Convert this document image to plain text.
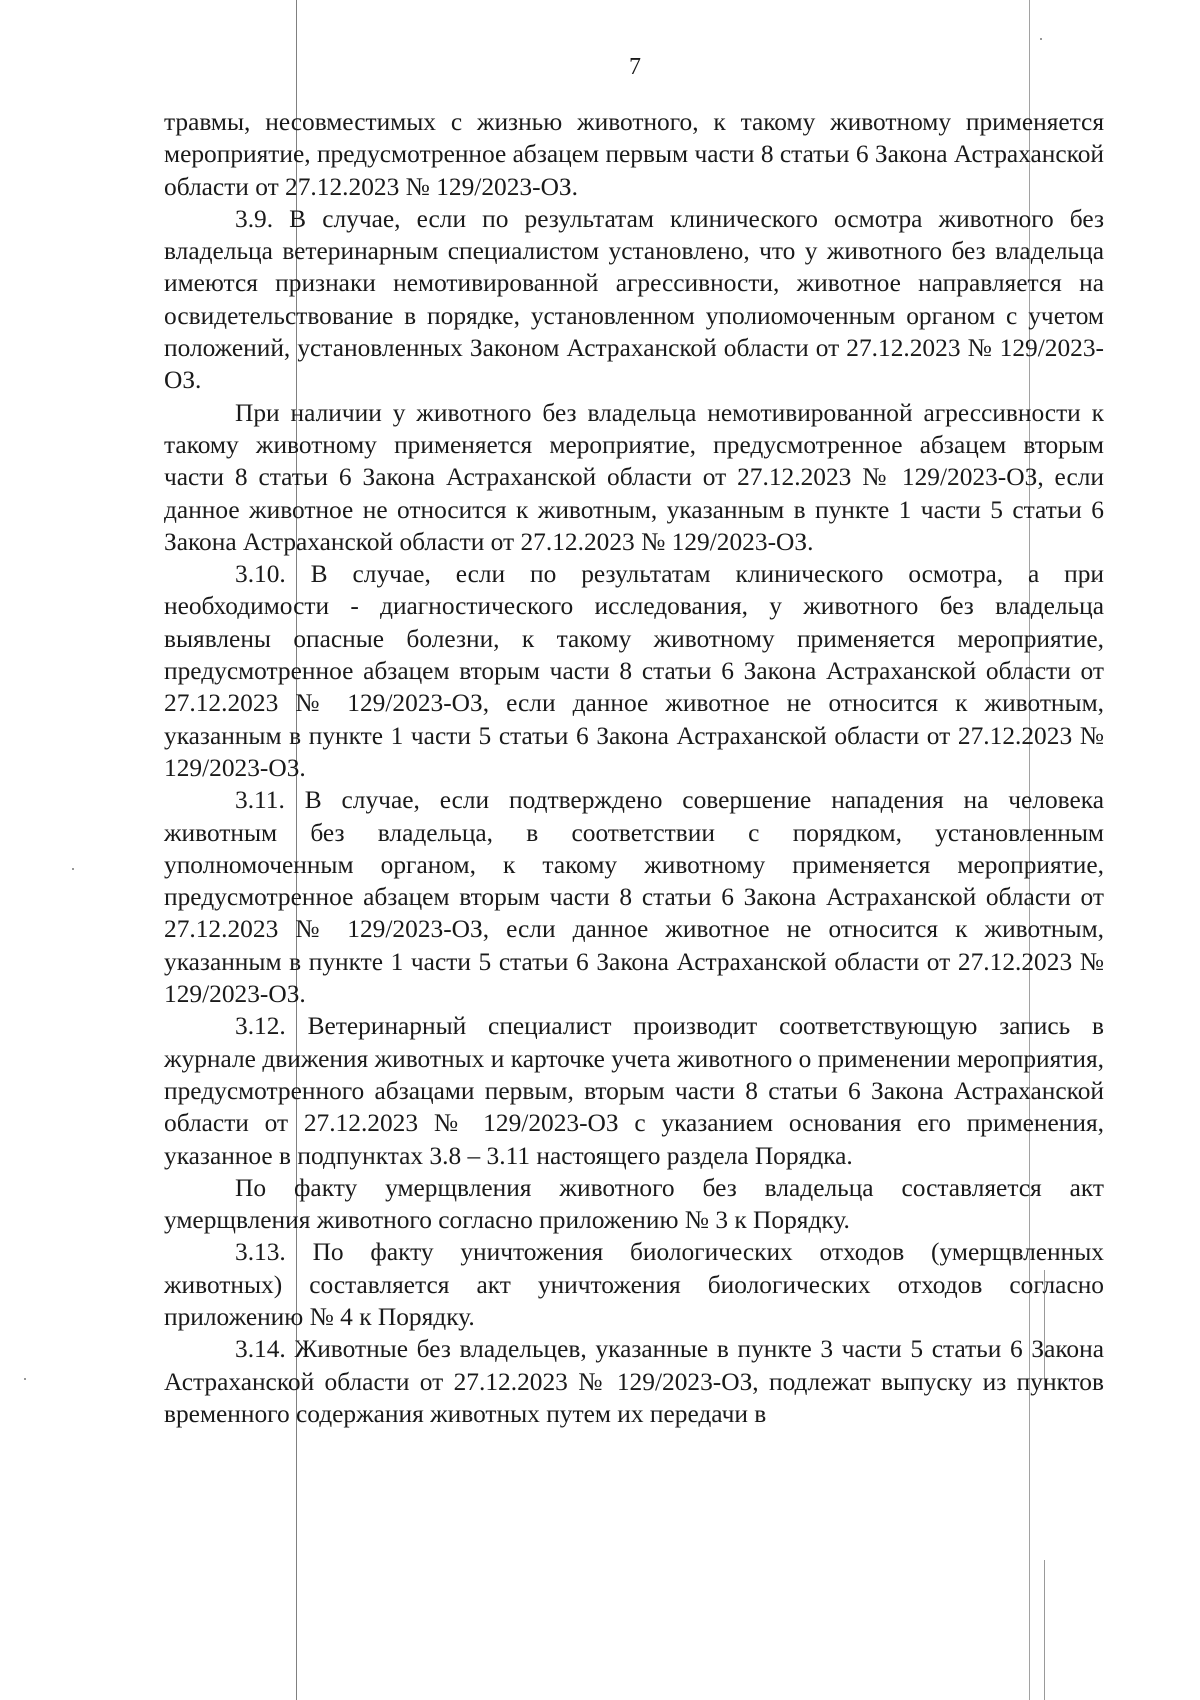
7

травмы, несовместимых с жизнью животного, к такому животному применяется мероприятие, предусмотренное абзацем первым части 8 статьи 6 Закона Астраханской области от 27.12.2023 № 129/2023-ОЗ.

3.9. В случае, если по результатам клинического осмотра животного без владельца ветеринарным специалистом установлено, что у животного без владельца имеются признаки немотивированной агрессивности, животное направляется на освидетельствование в порядке, установленном уполиомоченным органом с учетом положений, установленных Законом Астраханской области от 27.12.2023 № 129/2023-ОЗ.

При наличии у животного без владельца немотивированной агрессивности к такому животному применяется мероприятие, предусмотренное абзацем вторым части 8 статьи 6 Закона Астраханской области от 27.12.2023 № 129/2023-ОЗ, если данное животное не относится к животным, указанным в пункте 1 части 5 статьи 6 Закона Астраханской области от 27.12.2023 № 129/2023-ОЗ.

3.10. В случае, если по результатам клинического осмотра, а при необходимости - диагностического исследования, у животного без владельца выявлены опасные болезни, к такому животному применяется мероприятие, предусмотренное абзацем вторым части 8 статьи 6 Закона Астраханской области от 27.12.2023 № 129/2023-ОЗ, если данное животное не относится к животным, указанным в пункте 1 части 5 статьи 6 Закона Астраханской области от 27.12.2023 № 129/2023-ОЗ.

3.11. В случае, если подтверждено совершение нападения на человека животным без владельца, в соответствии с порядком, установленным уполномоченным органом, к такому животному применяется мероприятие, предусмотренное абзацем вторым части 8 статьи 6 Закона Астраханской области от 27.12.2023 № 129/2023-ОЗ, если данное животное не относится к животным, указанным в пункте 1 части 5 статьи 6 Закона Астраханской области от 27.12.2023 № 129/2023-ОЗ.

3.12. Ветеринарный специалист производит соответствующую запись в журнале движения животных и карточке учета животного о применении мероприятия, предусмотренного абзацами первым, вторым части 8 статьи 6 Закона Астраханской области от 27.12.2023 № 129/2023-ОЗ с указанием основания его применения, указанное в подпунктах 3.8 – 3.11 настоящего раздела Порядка.

По факту умерщвления животного без владельца составляется акт умерщвления животного согласно приложению № 3 к Порядку.

3.13. По факту уничтожения биологических отходов (умерщвленных животных) составляется акт уничтожения биологических отходов согласно приложению № 4 к Порядку.

3.14. Животные без владельцев, указанные в пункте 3 части 5 статьи 6 Закона Астраханской области от 27.12.2023 № 129/2023-ОЗ, подлежат выпуску из пунктов временного содержания животных путем их передачи в
